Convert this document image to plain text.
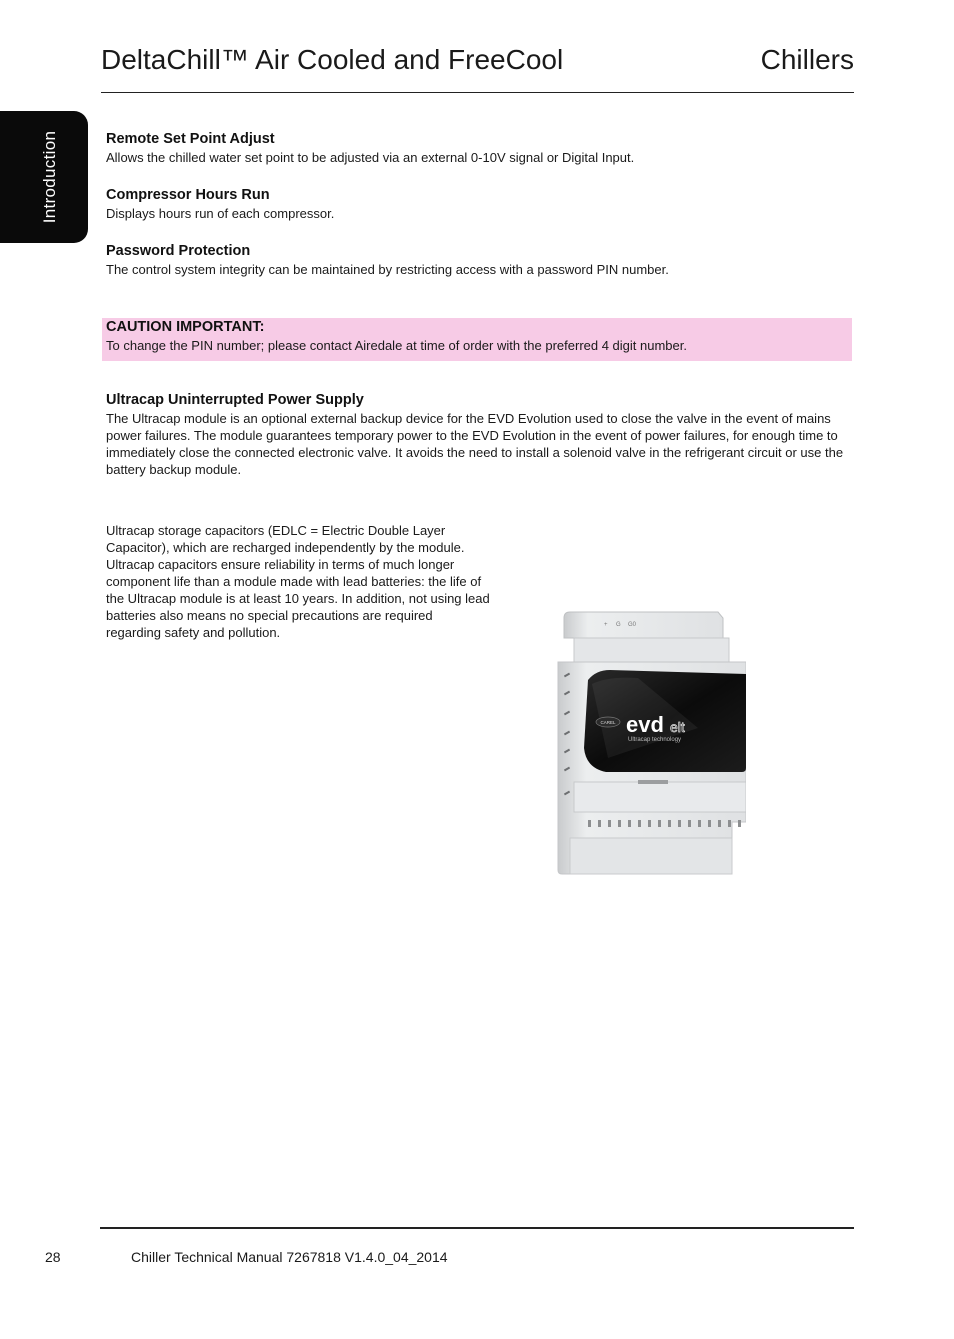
DeltaChill™ Air Cooled and FreeCool	Chillers
Introduction	Remote Set Point Adjust
Allows the chilled water set point to be adjusted via an external 0-10V signal or Digital Input.
Compressor Hours Run
Displays hours run of each compressor.
Password Protection
The control system integrity can be maintained by restricting access with a password PIN number.
CAUTION IMPORTANT:
To change the PIN number; please contact Airedale at time of order with the preferred 4 digit number.
Ultracap Uninterrupted Power Supply
The Ultracap module is an optional external backup device for the EVD Evolution used to close the valve in the event of mains power failures. The module guarantees temporary power to the EVD Evolution in the event of power failures, for enough time to immediately close the connected electronic valve. It avoids the need to install a solenoid valve in the refrigerant circuit or use the battery backup module.
Ultracap storage capacitors (EDLC = Electric Double Layer Capacitor), which are recharged independently by the module. Ultracap capacitors ensure reliability in terms of much longer component life than a module made with lead batteries: the life of the Ultracap module is at least 10 years. In addition, not using lead batteries also means no special precautions are required regarding safety and pollution.	+ G G0
CAREL evd elt
Ultracap technology
28	Chiller Technical Manual 7267818 V1.4.0_04_2014
